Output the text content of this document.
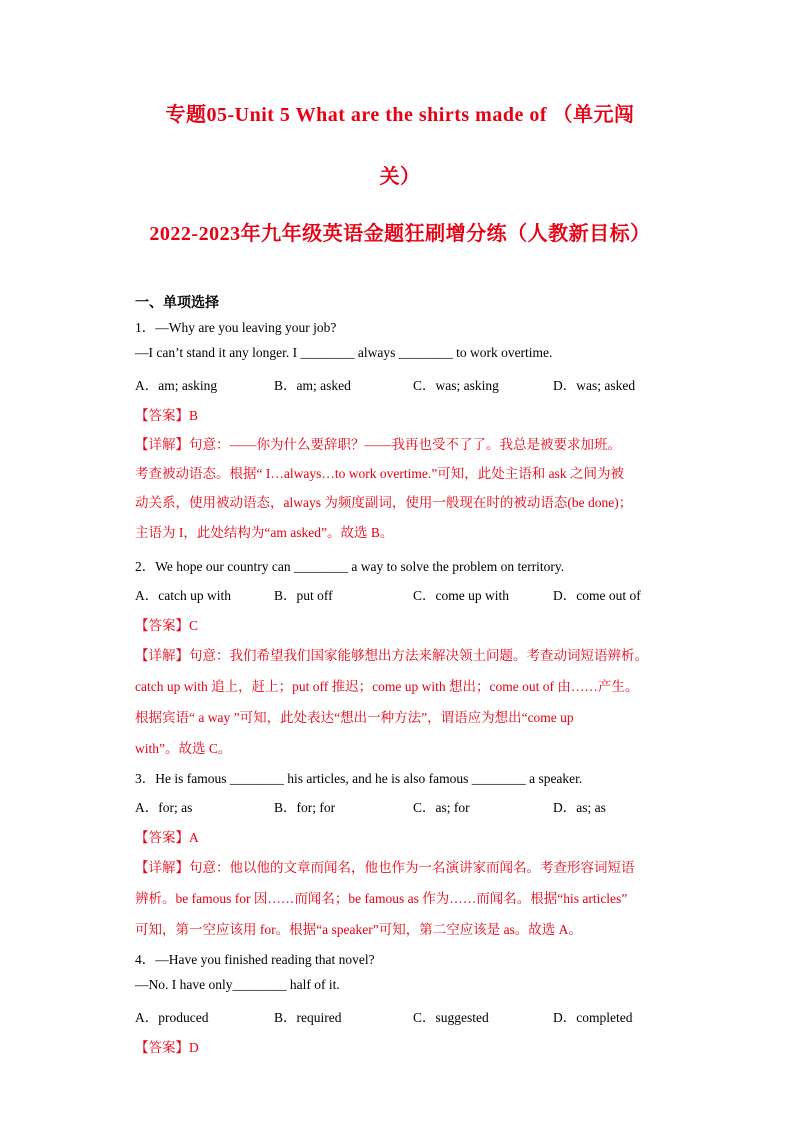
专题05-Unit 5 What are the shirts made of （单元闯
关）
2022-2023年九年级英语金题狂刷增分练（人教新目标）
一、单项选择
1．—Why are you leaving your job?
—I can’t stand it any longer. I ________ always ________ to work overtime.
A．am; asking	B．am; asked	C．was; asking	D．was; asked
【答案】B
【详解】句意：——你为什么要辞职？——我再也受不了了。我总是被要求加班。
考查被动语态。根据“ I…always…to work overtime.”可知，此处主语和 ask 之间为被
动关系，使用被动语态，always 为频度副词，使用一般现在时的被动语态(be done)；
主语为 I，此处结构为“am asked”。故选 B。
2．We hope our country can ________ a way to solve the problem on territory.
A．catch up with	B．put off	C．come up with	D．come out of
【答案】C
【详解】句意：我们希望我们国家能够想出方法来解决领土问题。考查动词短语辨析。
catch up with 追上，赶上；put off 推迟；come up with 想出；come out of 由……产生。
根据宾语“ a way ”可知，此处表达“想出一种方法”，谓语应为想出“come up
with”。故选 C。
3．He is famous ________ his articles, and he is also famous ________ a speaker.
A．for; as	B．for; for	C．as; for	D．as; as
【答案】A
【详解】句意：他以他的文章而闻名，他也作为一名演讲家而闻名。考查形容词短语
辨析。be famous for 因……而闻名；be famous as 作为……而闻名。根据“his articles”
可知，第一空应该用 for。根据“a speaker”可知，第二空应该是 as。故选 A。
4．—Have you finished reading that novel?
—No. I have only________ half of it.
A．produced	B．required	C．suggested	D．completed
【答案】D
